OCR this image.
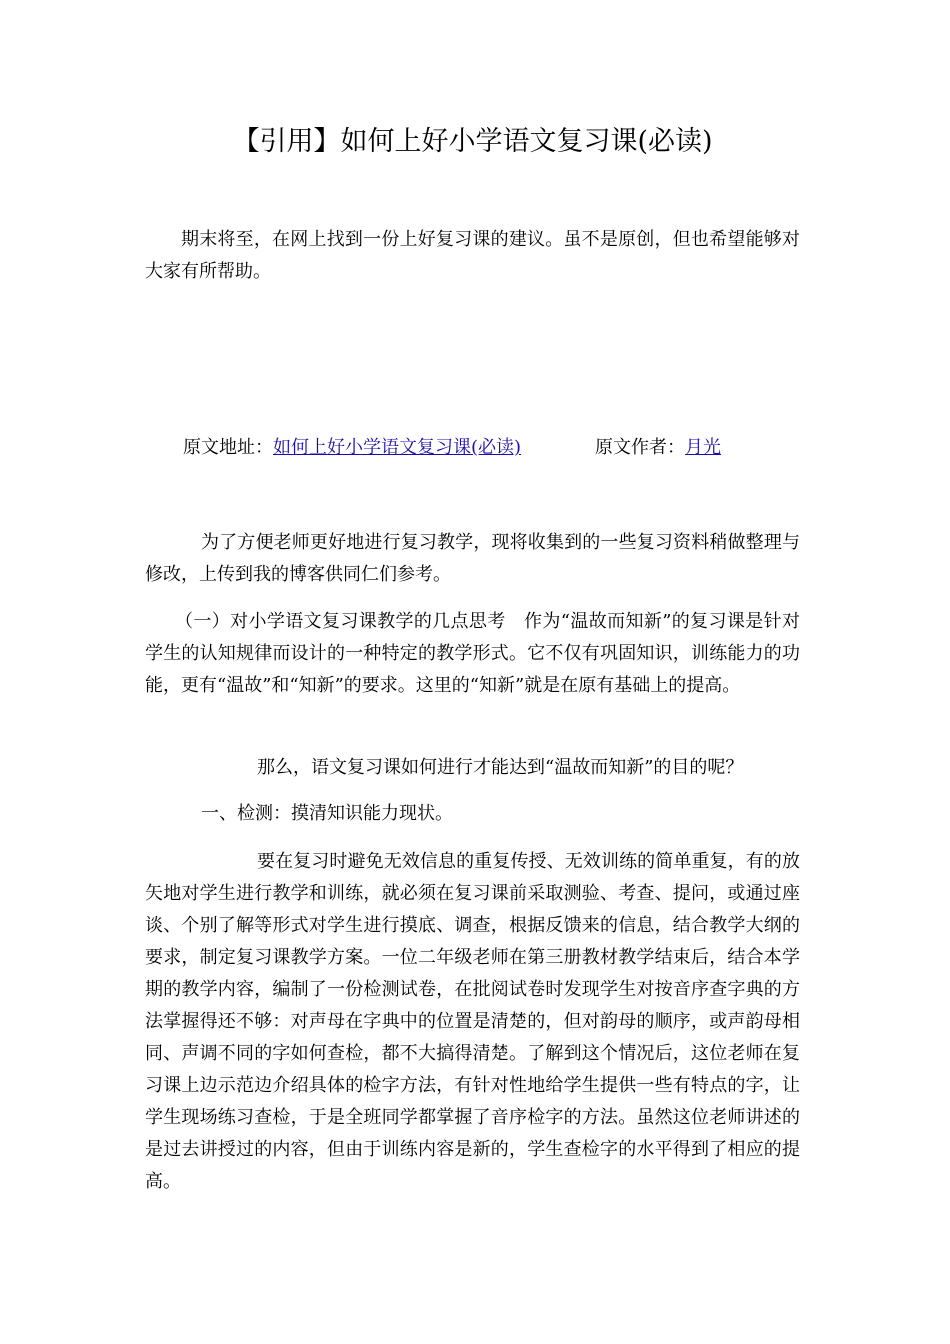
【引用】如何上好小学语文复习课(必读)

期末将至，在网上找到一份上好复习课的建议。虽不是原创，但也希望能够对大家有所帮助。

原文地址：如何上好小学语文复习课(必读)	原文作者：月光

为了方便老师更好地进行复习教学，现将收集到的一些复习资料稍做整理与修改，上传到我的博客供同仁们参考。

（一）对小学语文复习课教学的几点思考　作为“温故而知新”的复习课是针对学生的认知规律而设计的一种特定的教学形式。它不仅有巩固知识，训练能力的功能，更有“温故”和“知新”的要求。这里的“知新”就是在原有基础上的提高。

那么，语文复习课如何进行才能达到“温故而知新”的目的呢？

一、检测：摸清知识能力现状。

要在复习时避免无效信息的重复传授、无效训练的简单重复，有的放矢地对学生进行教学和训练，就必须在复习课前采取测验、考查、提问，或通过座谈、个别了解等形式对学生进行摸底、调查，根据反馈来的信息，结合教学大纲的要求，制定复习课教学方案。一位二年级老师在第三册教材教学结束后，结合本学期的教学内容，编制了一份检测试卷，在批阅试卷时发现学生对按音序查字典的方法掌握得还不够：对声母在字典中的位置是清楚的，但对韵母的顺序，或声韵母相同、声调不同的字如何查检，都不大搞得清楚。了解到这个情况后，这位老师在复习课上边示范边介绍具体的检字方法，有针对性地给学生提供一些有特点的字，让学生现场练习查检，于是全班同学都掌握了音序检字的方法。虽然这位老师讲述的是过去讲授过的内容，但由于训练内容是新的，学生查检字的水平得到了相应的提高。
